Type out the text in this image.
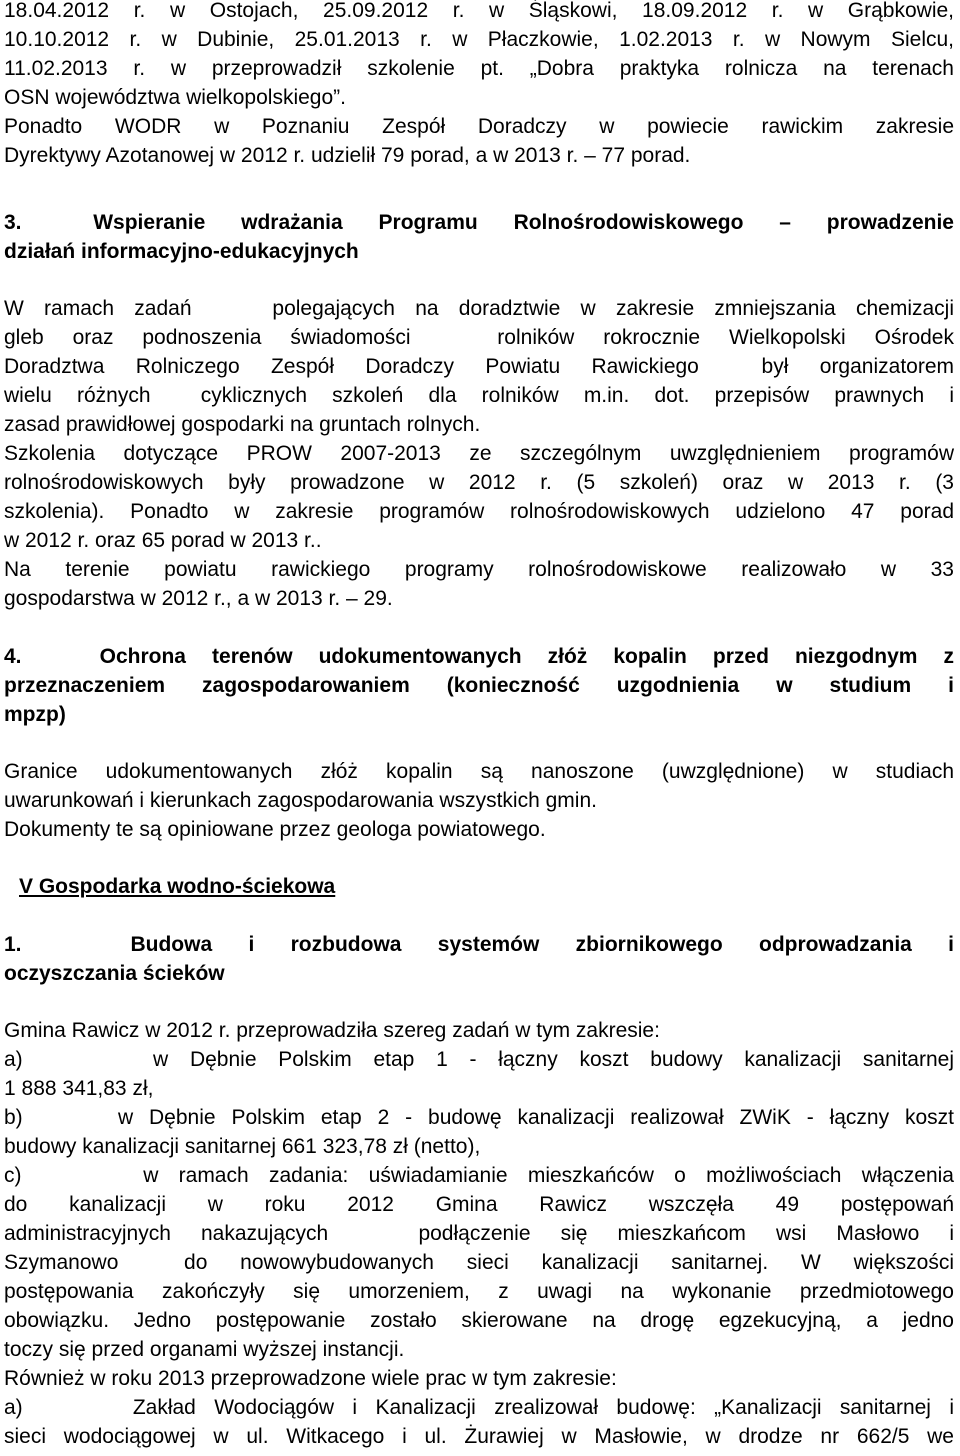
18.04.2012 r. w Ostojach, 25.09.2012 r. w Śląskowi, 18.09.2012 r. w Grąbkowie,
10.10.2012 r. w Dubinie, 25.01.2013 r. w Płaczkowie, 1.02.2013 r. w Nowym Sielcu,
11.02.2013 r. w przeprowadził szkolenie pt. „Dobra praktyka rolnicza na terenach
OSN województwa wielkopolskiego”.
Ponadto WODR w Poznaniu Zespół Doradczy w powiecie rawickim zakresie
Dyrektywy Azotanowej w 2012 r. udzielił 79 porad, a w 2013 r. – 77 porad.
3.  Wspieranie wdrażania Programu Rolnośrodowiskowego – prowadzenie
działań informacyjno-edukacyjnych
W ramach zadań    polegających na doradztwie w zakresie zmniejszania chemizacji
gleb oraz podnoszenia świadomości   rolników rokrocznie Wielkopolski Ośrodek
Doradztwa Rolniczego Zespół Doradczy Powiatu Rawickiego  był organizatorem
wielu różnych  cyklicznych szkoleń dla rolników m.in. dot. przepisów prawnych i
zasad prawidłowej gospodarki na gruntach rolnych.
Szkolenia dotyczące PROW 2007-2013 ze szczególnym uwzględnieniem programów
rolnośrodowiskowych były prowadzone w 2012 r. (5 szkoleń) oraz w 2013 r. (3
szkolenia). Ponadto w zakresie programów rolnośrodowiskowych udzielono 47 porad
w 2012 r. oraz 65 porad w 2013 r..
Na terenie powiatu rawickiego programy rolnośrodowiskowe realizowało w 33
gospodarstwa w 2012 r., a w 2013 r. – 29.
4.   Ochrona terenów udokumentowanych złóż kopalin przed niezgodnym z
przeznaczeniem zagospodarowaniem (konieczność uzgodnienia w studium i
mpzp)
Granice udokumentowanych złóż kopalin są nanoszone (uwzględnione) w studiach
uwarunkowań i kierunkach zagospodarowania wszystkich gmin.
Dokumenty te są opiniowane przez geologa powiatowego.
V Gospodarka wodno-ściekowa
1.   Budowa i rozbudowa systemów zbiornikowego odprowadzania i
oczyszczania ścieków
Gmina Rawicz w 2012 r. przeprowadziła szereg zadań w tym zakresie:
a)      w Dębnie Polskim etap 1 - łączny koszt budowy kanalizacji sanitarnej
1 888 341,83 zł,
b)      w Dębnie Polskim etap 2 - budowę kanalizacji realizował ZWiK - łączny koszt
budowy kanalizacji sanitarnej 661 323,78 zł (netto),
c)      w ramach zadania: uświadamianie mieszkańców o możliwościach włączenia
do kanalizacji w roku 2012 Gmina Rawicz wszczęła 49 postępowań
administracyjnych nakazujących   podłączenie się mieszkańcom wsi Masłowo i
Szymanowo  do nowowybudowanych sieci kanalizacji sanitarnej. W większości
postępowania zakończyły się umorzeniem, z uwagi na wykonanie przedmiotowego
obowiązku. Jedno postępowanie zostało skierowane na drogę egzekucyjną, a jedno
toczy się przed organami wyższej instancji.
Również w roku 2013 przeprowadzone wiele prac w tym zakresie:
a)      Zakład Wodociągów i Kanalizacji zrealizował budowę: „Kanalizacji sanitarnej i
sieci wodociągowej w ul. Witkacego i ul. Żurawiej w Masłowie, w drodze nr 662/5 we
